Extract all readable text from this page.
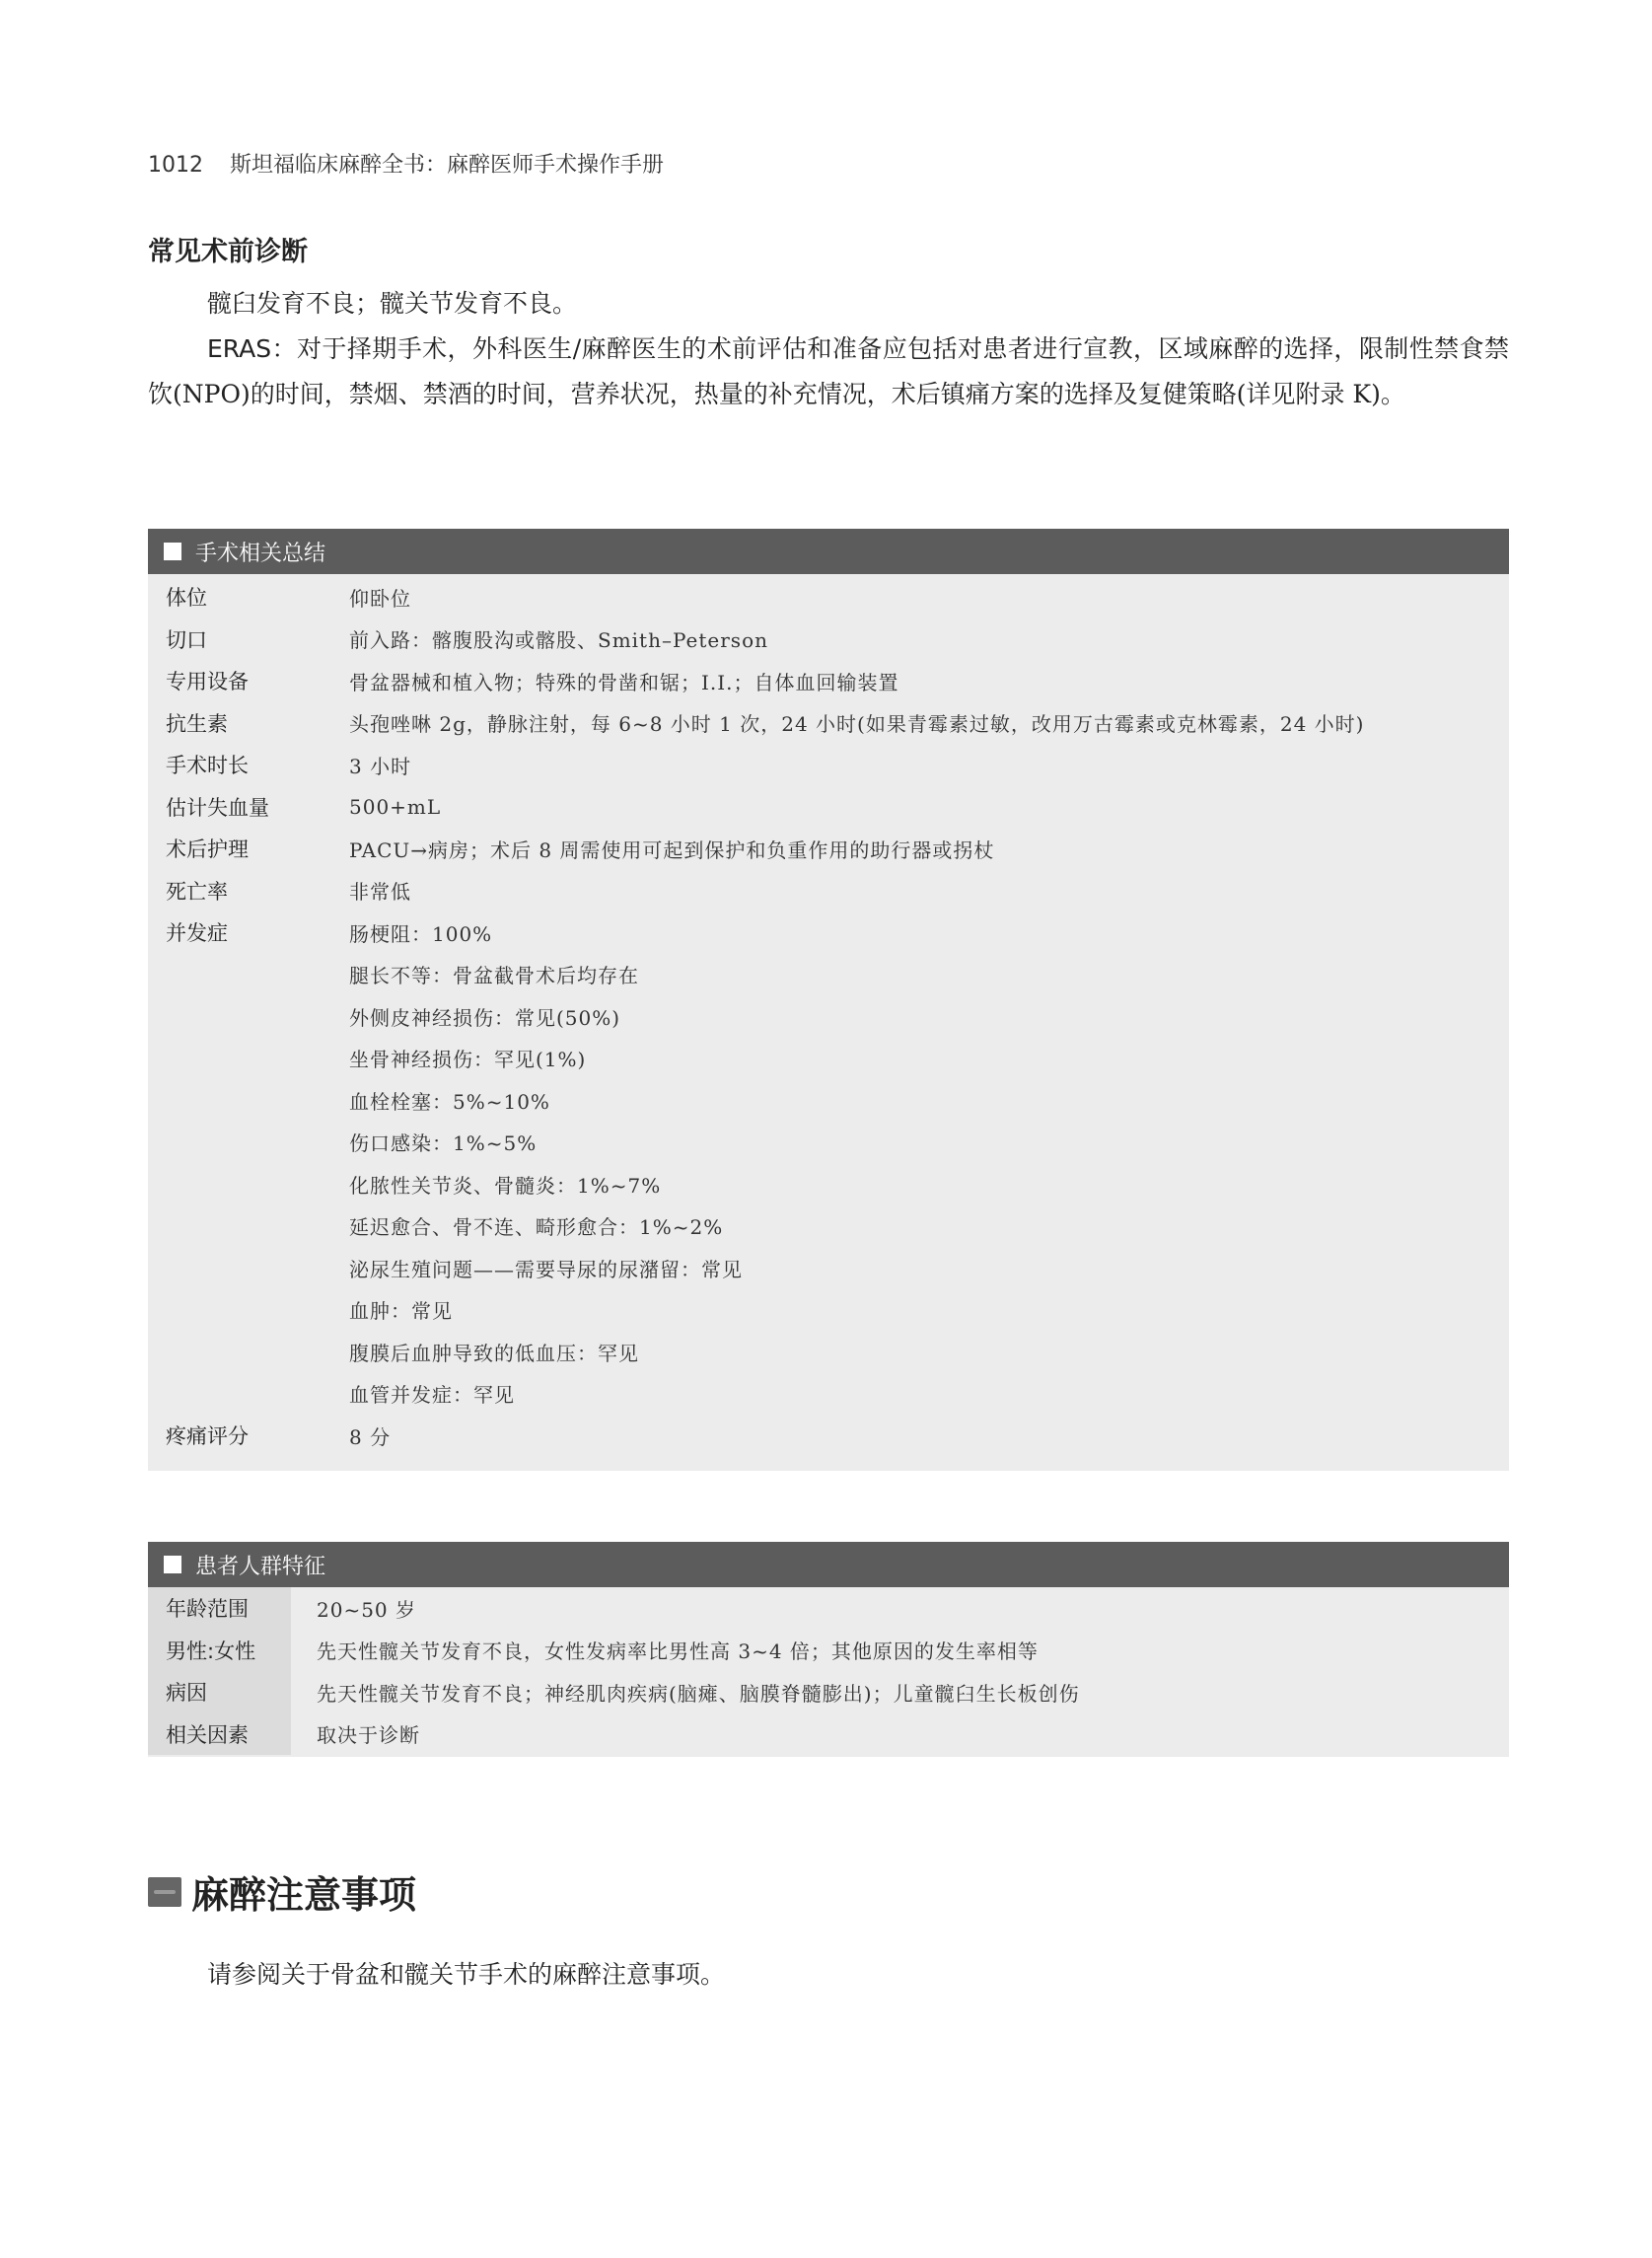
1012 斯坦福临床麻醉全书：麻醉医师手术操作手册
常见术前诊断
髋臼发育不良；髋关节发育不良。
ERAS：对于择期手术，外科医生/麻醉医生的术前评估和准备应包括对患者进行宣教，区域麻醉的选择，限制性禁食禁饮(NPO)的时间，禁烟、禁酒的时间，营养状况，热量的补充情况，术后镇痛方案的选择及复健策略(详见附录 K)。
手术相关总结
体位	仰卧位
切口	前入路：髂腹股沟或髂股、Smith–Peterson
专用设备	骨盆器械和植入物；特殊的骨凿和锯；I.I.；自体血回输装置
抗生素	头孢唑啉 2g，静脉注射，每 6~8 小时 1 次，24 小时(如果青霉素过敏，改用万古霉素或克林霉素，24 小时)
手术时长	3 小时
估计失血量	500+mL
术后护理	PACU→病房；术后 8 周需使用可起到保护和负重作用的助行器或拐杖
死亡率	非常低
并发症	肠梗阻：100%
腿长不等：骨盆截骨术后均存在
外侧皮神经损伤：常见(50%)
坐骨神经损伤：罕见(1%)
血栓栓塞：5%~10%
伤口感染：1%~5%
化脓性关节炎、骨髓炎：1%~7%
延迟愈合、骨不连、畸形愈合：1%~2%
泌尿生殖问题——需要导尿的尿潴留：常见
血肿：常见
腹膜后血肿导致的低血压：罕见
血管并发症：罕见
疼痛评分	8 分
患者人群特征
年龄范围	20~50 岁
男性:女性	先天性髋关节发育不良，女性发病率比男性高 3~4 倍；其他原因的发生率相等
病因	先天性髋关节发育不良；神经肌肉疾病(脑瘫、脑膜脊髓膨出)；儿童髋臼生长板创伤
相关因素	取决于诊断
麻醉注意事项
请参阅关于骨盆和髋关节手术的麻醉注意事项。
